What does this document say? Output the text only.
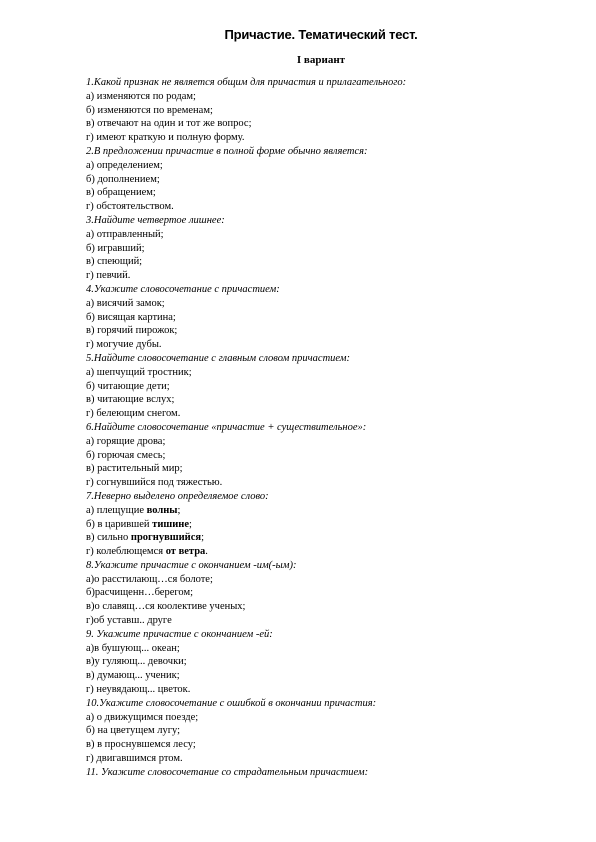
Причастие. Тематический тест.
I вариант
1.Какой признак не является общим для причастия и прилагательного:
а) изменяются по родам;
б) изменяются по временам;
в) отвечают на один и тот же вопрос;
г) имеют краткую и полную форму.
2.В предложении причастие в полной форме обычно является:
а) определением;
б) дополнением;
в) обращением;
г) обстоятельством.
3.Найдите четвертое лишнее:
а) отправленный;
б) игравший;
в) спеющий;
г) певчий.
4.Укажите словосочетание с причастием:
а) висячий замок;
б) висящая картина;
в) горячий пирожок;
г) могучие дубы.
5.Найдите словосочетание с главным словом причастием:
а) шепчущий тростник;
б) читающие дети;
в) читающие вслух;
г) белеющим снегом.
6.Найдите словосочетание «причастие + существительное»:
а) горящие дрова;
б) горючая смесь;
в) растительный мир;
г) согнувшийся под тяжестью.
7.Неверно выделено определяемое слово:
а) плещущие волны;
б) в царившей тишине;
в) сильно прогнувшийся;
г) колеблющемся от ветра.
8.Укажите причастие с окончанием -им(-ым):
а)о расстилающ…ся болоте;
б)расчищенн…берегом;
в)о славящ…ся коолективе ученых;
г)об уставш.. друге
9. Укажите причастие с окончанием -ей:
а)в бушующ... океан;
в)у гуляющ... девочки;
в) думающ... ученик;
г) неувядающ... цветок.
10.Укажите словосочетание с ошибкой в окончании причастия:
а) о движущимся поезде;
б) на цветущем лугу;
в) в проснувшемся лесу;
г) двигавшимся ртом.
11. Укажите словосочетание со страдательным причастием:
